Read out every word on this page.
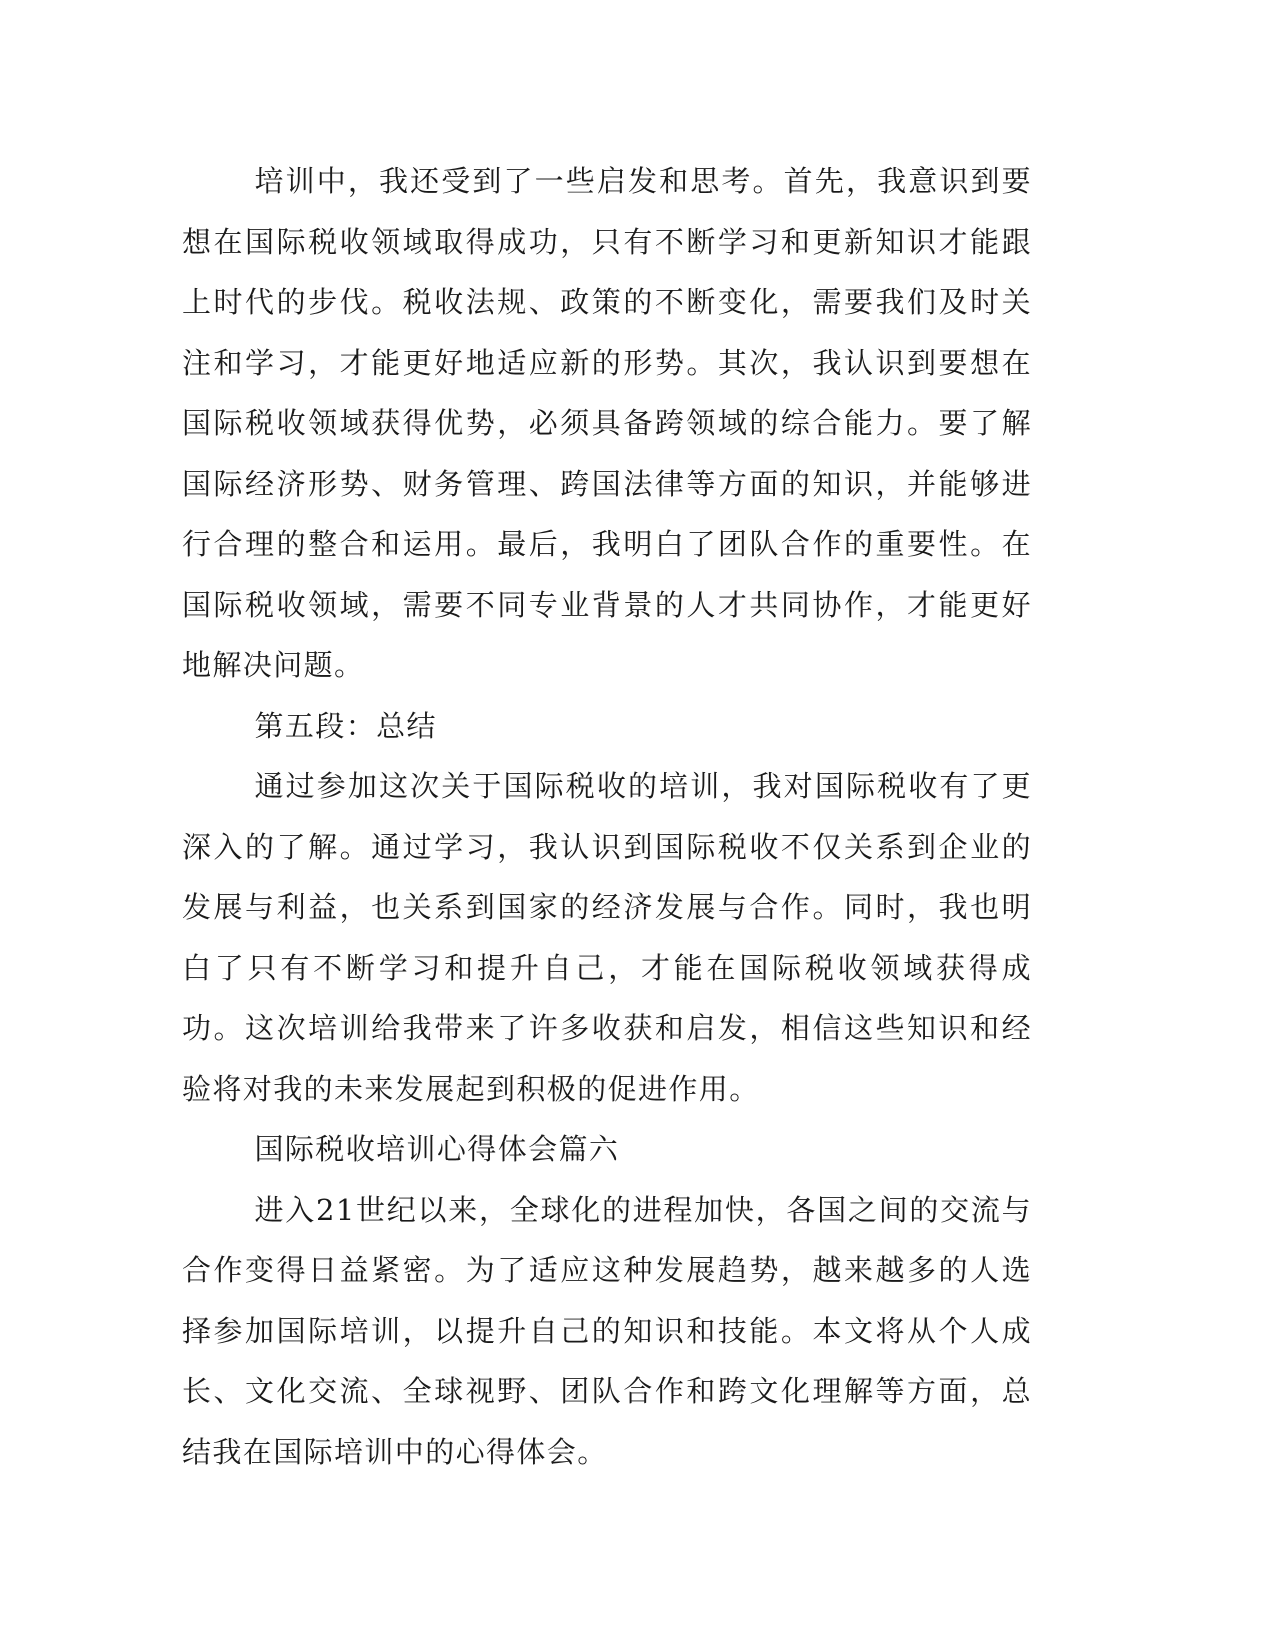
培训中，我还受到了一些启发和思考。首先，我意识到要想在国际税收领域取得成功，只有不断学习和更新知识才能跟上时代的步伐。税收法规、政策的不断变化，需要我们及时关注和学习，才能更好地适应新的形势。其次，我认识到要想在国际税收领域获得优势，必须具备跨领域的综合能力。要了解国际经济形势、财务管理、跨国法律等方面的知识，并能够进行合理的整合和运用。最后，我明白了团队合作的重要性。在国际税收领域，需要不同专业背景的人才共同协作，才能更好地解决问题。

第五段：总结

通过参加这次关于国际税收的培训，我对国际税收有了更深入的了解。通过学习，我认识到国际税收不仅关系到企业的发展与利益，也关系到国家的经济发展与合作。同时，我也明白了只有不断学习和提升自己，才能在国际税收领域获得成功。这次培训给我带来了许多收获和启发，相信这些知识和经验将对我的未来发展起到积极的促进作用。

国际税收培训心得体会篇六

进入21世纪以来，全球化的进程加快，各国之间的交流与合作变得日益紧密。为了适应这种发展趋势，越来越多的人选择参加国际培训，以提升自己的知识和技能。本文将从个人成长、文化交流、全球视野、团队合作和跨文化理解等方面，总结我在国际培训中的心得体会。
